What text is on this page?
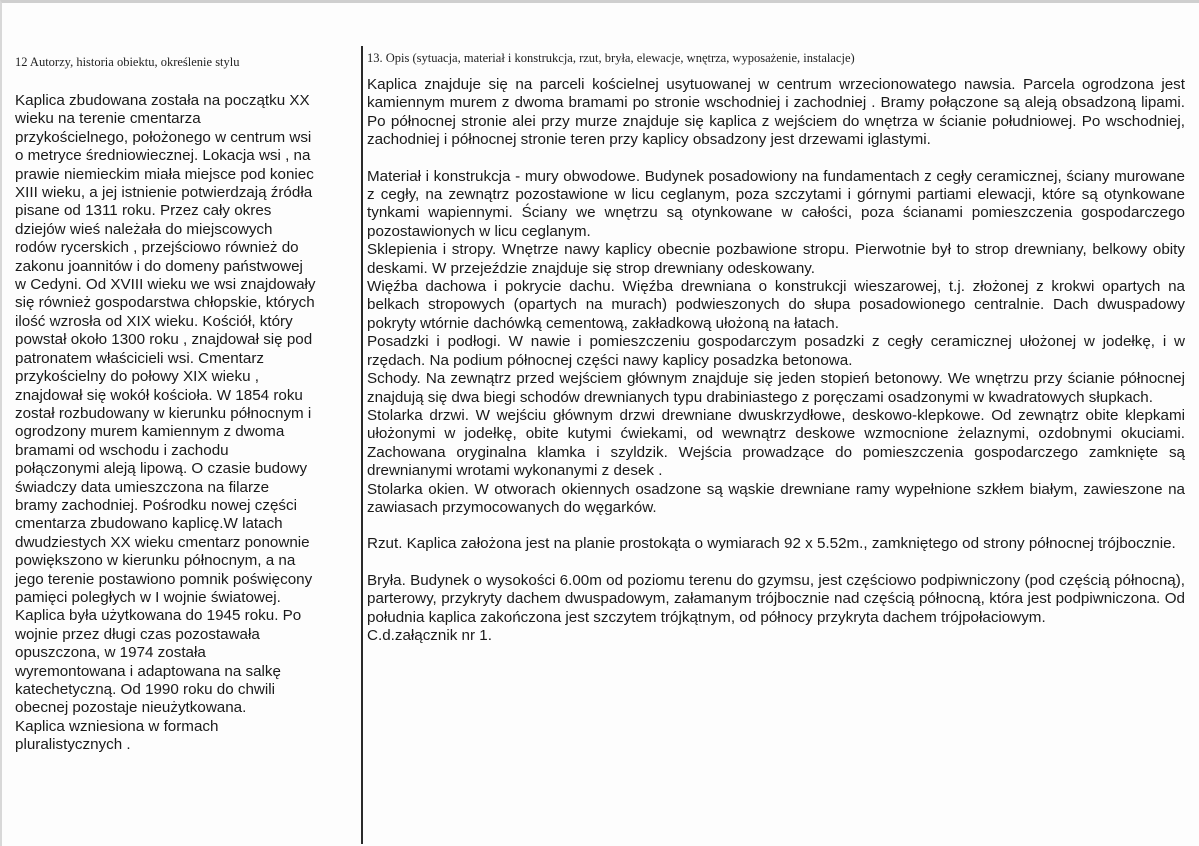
12 Autorzy, historia obiektu, określenie stylu

Kaplica zbudowana została na początku XX
wieku na terenie cmentarza
przykościelnego, położonego w centrum wsi
o metryce średniowiecznej. Lokacja wsi , na
prawie niemieckim miała miejsce pod koniec
XIII wieku, a jej istnienie potwierdzają źródła
pisane od 1311 roku. Przez cały okres
dziejów wieś należała do miejscowych
rodów rycerskich , przejściowo również do
zakonu joannitów i do domeny państwowej
w Cedyni. Od XVIII wieku we wsi znajdowały
się również gospodarstwa chłopskie, których
ilość wzrosła od XIX wieku. Kościół, który
powstał około 1300 roku , znajdował się pod
patronatem właścicieli wsi. Cmentarz
przykościelny do połowy XIX wieku ,
znajdował się wokół kościoła. W 1854 roku
został rozbudowany w kierunku północnym i
ogrodzony murem kamiennym z dwoma
bramami od wschodu i zachodu
połączonymi aleją lipową. O czasie budowy
świadczy data umieszczona na filarze
bramy zachodniej. Pośrodku nowej części
cmentarza zbudowano kaplicę.W latach
dwudziestych XX wieku cmentarz ponownie
powiększono w kierunku północnym, a na
jego terenie postawiono pomnik poświęcony
pamięci poległych w I wojnie światowej.
Kaplica była użytkowana do 1945 roku. Po
wojnie przez długi czas pozostawała
opuszczona, w 1974 została
wyremontowana i adaptowana na salkę
katechetyczną. Od 1990 roku do chwili
obecnej pozostaje nieużytkowana.
Kaplica wzniesiona w formach
pluralistycznych .

13. Opis (sytuacja, materiał i konstrukcja, rzut, bryła, elewacje, wnętrza, wyposażenie, instalacje)

Kaplica znajduje się na parceli kościelnej usytuowanej w centrum wrzecionowatego nawsia. Parcela ogrodzona jest kamiennym murem z dwoma bramami po stronie wschodniej i zachodniej . Bramy połączone są aleją obsadzoną lipami. Po północnej stronie alei przy murze znajduje się kaplica z wejściem do wnętrza w ścianie południowej. Po wschodniej, zachodniej i północnej stronie teren przy kaplicy obsadzony jest drzewami iglastymi.

Materiał i konstrukcja - mury obwodowe. Budynek posadowiony na fundamentach z cegły ceramicznej, ściany murowane z cegły, na zewnątrz pozostawione w licu ceglanym, poza szczytami i górnymi partiami elewacji, które są otynkowane tynkami wapiennymi. Ściany we wnętrzu są otynkowane w całości, poza ścianami pomieszczenia gospodarczego pozostawionych w licu ceglanym.

Sklepienia i stropy. Wnętrze nawy kaplicy obecnie pozbawione stropu. Pierwotnie był to strop drewniany, belkowy obity deskami. W przejeździe znajduje się strop drewniany odeskowany.

Więźba dachowa i pokrycie dachu. Więźba drewniana o konstrukcji wieszarowej, t.j. złożonej z krokwi opartych na belkach stropowych (opartych na murach) podwieszonych do słupa posadowionego centralnie. Dach dwuspadowy pokryty wtórnie dachówką cementową, zakładkową ułożoną na łatach.

Posadzki i podłogi. W nawie i pomieszczeniu gospodarczym posadzki z cegły ceramicznej ułożonej w jodełkę, i w rzędach. Na podium północnej części nawy kaplicy posadzka betonowa.

Schody. Na zewnątrz przed wejściem głównym znajduje się jeden stopień betonowy. We wnętrzu przy ścianie północnej znajdują się dwa biegi schodów drewnianych typu drabiniastego z poręczami osadzonymi w kwadratowych słupkach.

Stolarka drzwi. W wejściu głównym drzwi drewniane dwuskrzydłowe, deskowo-klepkowe. Od zewnątrz obite klepkami ułożonymi w jodełkę, obite kutymi ćwiekami, od wewnątrz deskowe wzmocnione żelaznymi, ozdobnymi okuciami. Zachowana oryginalna klamka i szyldzik. Wejścia prowadzące do pomieszczenia gospodarczego zamknięte są drewnianymi wrotami wykonanymi z desek .

Stolarka okien. W otworach okiennych osadzone są wąskie drewniane ramy wypełnione szkłem białym, zawieszone na zawiasach przymocowanych do węgarków.

Rzut. Kaplica założona jest na planie prostokąta o wymiarach 92 x 5.52m., zamkniętego od strony północnej trójbocznie.

Bryła. Budynek o wysokości 6.00m od poziomu terenu do gzymsu, jest częściowo podpiwniczony (pod częścią północną), parterowy, przykryty dachem dwuspadowym, załamanym trójbocznie nad częścią północną, która jest podpiwniczona. Od południa kaplica zakończona jest szczytem trójkątnym, od północy przykryta dachem trójpołaciowym.

C.d.załącznik nr 1.
